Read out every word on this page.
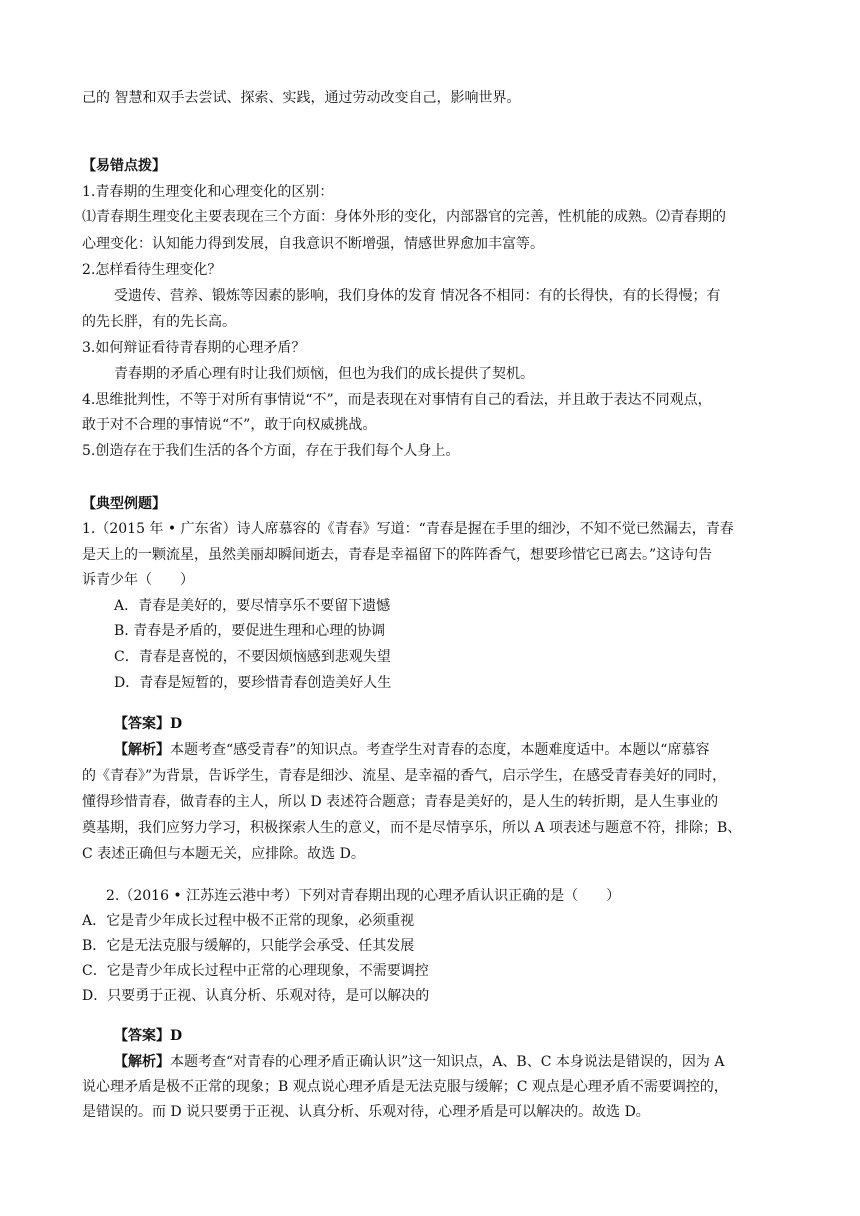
己的 智慧和双手去尝试、探索、实践，通过劳动改变自己，影响世界。
【易错点拨】
1.青春期的生理变化和心理变化的区别：
⑴青春期生理变化主要表现在三个方面：身体外形的变化，内部器官的完善，性机能的成熟。⑵青春期的
心理变化：认知能力得到发展，自我意识不断增强，情感世界愈加丰富等。
2.怎样看待生理变化？
受遗传、营养、锻炼等因素的影响，我们身体的发育 情况各不相同：有的长得快，有的长得慢；有
的先长胖，有的先长高。
3.如何辩证看待青春期的心理矛盾？
青春期的矛盾心理有时让我们烦恼，但也为我们的成长提供了契机。
4.思维批判性，不等于对所有事情说“不”，而是表现在对事情有自己的看法，并且敢于表达不同观点，
敢于对不合理的事情说“不”，敢于向权威挑战。
5.创造存在于我们生活的各个方面，存在于我们每个人身上。
【典型例题】
1.（2015 年 • 广东省）诗人席慕容的《青春》写道：“青春是握在手里的细沙，不知不觉已然漏去，青春
是天上的一颗流星，虽然美丽却瞬间逝去，青春是幸福留下的阵阵香气，想要珍惜它已离去。”这诗句告
诉青少年（　　）
A．青春是美好的，要尽情享乐不要留下遗憾
B. 青春是矛盾的，要促进生理和心理的协调
C．青春是喜悦的，不要因烦恼感到悲观失望
D．青春是短暂的，要珍惜青春创造美好人生
【答案】D
【解析】本题考查“感受青春”的知识点。考查学生对青春的态度，本题难度适中。本题以“席慕容
的《青春》”为背景，告诉学生，青春是细沙、流星、是幸福的香气，启示学生，在感受青春美好的同时，
懂得珍惜青春，做青春的主人，所以 D 表述符合题意；青春是美好的，是人生的转折期，是人生事业的
奠基期，我们应努力学习，积极探索人生的意义，而不是尽情享乐，所以 A 项表述与题意不符，排除；B、
C 表述正确但与本题无关，应排除。故选 D。
2.（2016 • 江苏连云港中考）下列对青春期出现的心理矛盾认识正确的是（　　）
A．它是青少年成长过程中极不正常的现象，必须重视
B．它是无法克服与缓解的，只能学会承受、任其发展
C．它是青少年成长过程中正常的心理现象，不需要调控
D．只要勇于正视、认真分析、乐观对待，是可以解决的
【答案】D
【解析】本题考查“对青春的心理矛盾正确认识”这一知识点，A、B、C 本身说法是错误的，因为 A
说心理矛盾是极不正常的现象；B 观点说心理矛盾是无法克服与缓解；C 观点是心理矛盾不需要调控的，
是错误的。而 D 说只要勇于正视、认真分析、乐观对待，心理矛盾是可以解决的。故选 D。
